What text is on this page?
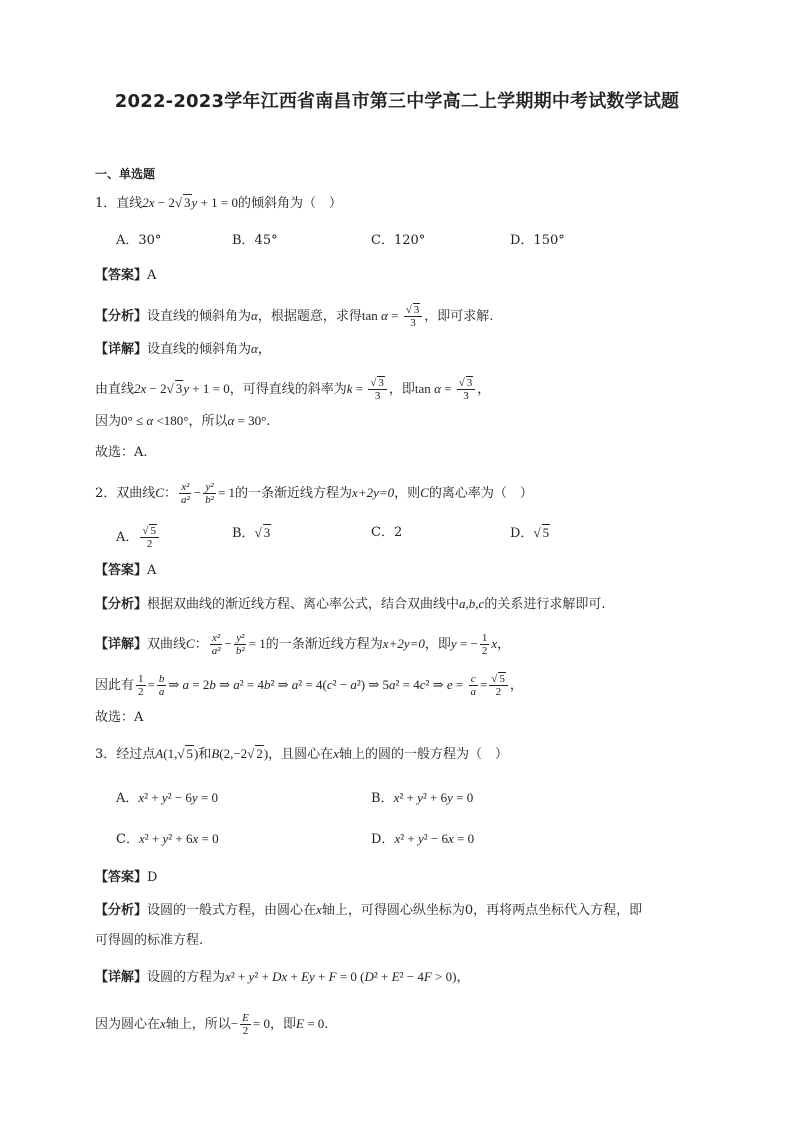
2022-2023学年江西省南昌市第三中学高二上学期期中考试数学试题
一、单选题
1．直线2x − 2√ 3y + 1 = 0的倾斜角为（　）
A．30°	B．45°	C．120°	D．150°
【答案】A
【分析】设直线的倾斜角为α，根据题意，求得$\tan \alpha = \frac{√ 3}{3}$ ，即可求解.
【详解】设直线的倾斜角为α，
由直线2x − 2√ 3y + 1 = 0，可得直线的斜率为$k = \frac{√ 3}{3}$ ，即$\tan \alpha = \frac{√ 3}{3}$ ，
因为0° ≤ α <180°，所以α = 30°.
故选：A.
2．双曲线C： $\frac{\text{x²}}{\text{a²}} - \frac{\text{y²}}{\text{b²}} = 1$的一条渐近线方程为x+2y=0，则C的离心率为（　）
A． $\frac{√ 5}{2}$	B．√ 3	C．2	D．√ 5
【答案】A
【分析】根据双曲线的渐近线方程、离心率公式，结合双曲线中a,b,c的关系进行求解即可.
【详解】双曲线C： $\frac{\text{x²}}{\text{a²}} - \frac{\text{y²}}{\text{b²}} = 1$的一条渐近线方程为x+2y=0，即y = − $\frac{1}{2}$ x，
因此有 $\frac{1}{2} = \frac{b}{a}$ ⇒ a = 2b ⇒ a² = 4b² ⇒ a² = 4(c² − a²) ⇒ 5a² = 4c² ⇒ $e = \frac{c}{a} = \frac{√ 5}{2}$ ，
故选：A
3．经过点A(1,√ 5)和B(2,−2√ 2)，且圆心在x轴上的圆的一般方程为（　）
A．x² + y² − 6y = 0	B．x² + y² + 6y = 0
C．x² + y² + 6x = 0	D．x² + y² − 6x = 0
【答案】D
【分析】设圆的一般式方程，由圆心在x轴上，可得圆心纵坐标为0，再将两点坐标代入方程，即
可得圆的标准方程.
【详解】设圆的方程为x² + y² + Dx + Ey + F = 0 (D² + E² − 4F > 0)，
因为圆心在x轴上，所以− $\frac{E}{2} = 0$，即E = 0.
